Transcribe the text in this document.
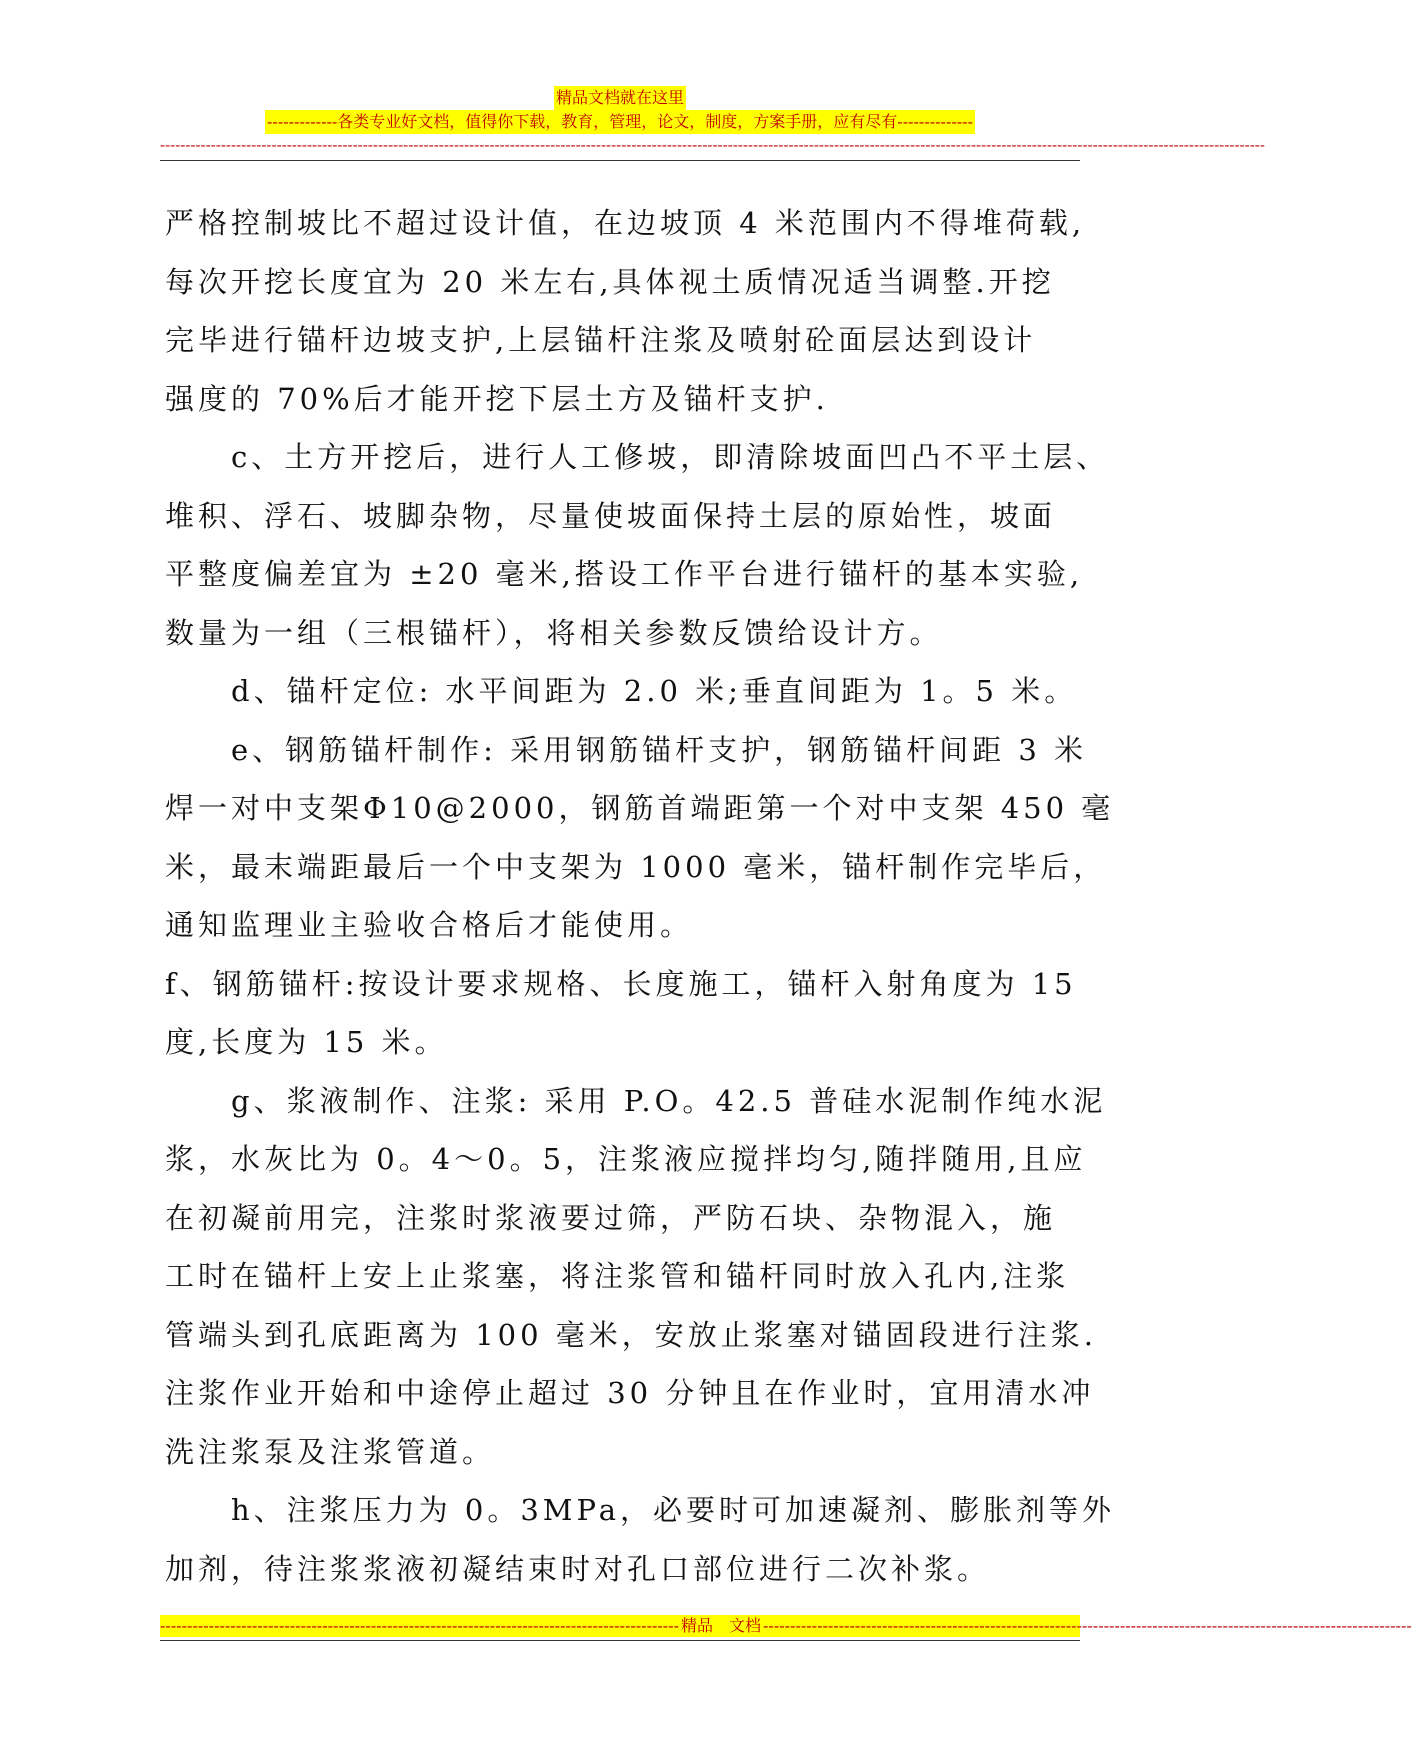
精品文档就在这里
-------------各类专业好文档，值得你下载，教育，管理，论文，制度，方案手册，应有尽有--------------
--------------------------------------------------------------------------------------------------------------------------------------------------------------------------------------------------------------------------

严格控制坡比不超过设计值，在边坡顶 4 米范围内不得堆荷载,

每次开挖长度宜为 20 米左右,具体视土质情况适当调整.开挖

完毕进行锚杆边坡支护,上层锚杆注浆及喷射砼面层达到设计

强度的 70%后才能开挖下层土方及锚杆支护.

c、土方开挖后，进行人工修坡，即清除坡面凹凸不平土层、

堆积、浮石、坡脚杂物，尽量使坡面保持土层的原始性，坡面

平整度偏差宜为 ±20 毫米,搭设工作平台进行锚杆的基本实验,

数量为一组（三根锚杆），将相关参数反馈给设计方。

d、锚杆定位: 水平间距为 2.0 米;垂直间距为 1。5 米。

e、钢筋锚杆制作: 采用钢筋锚杆支护，钢筋锚杆间距 3 米

焊一对中支架Φ10@2000，钢筋首端距第一个对中支架 450 毫

米，最末端距最后一个中支架为 1000 毫米，锚杆制作完毕后，

通知监理业主验收合格后才能使用。

f、钢筋锚杆:按设计要求规格、长度施工，锚杆入射角度为 15

度,长度为 15 米。

g、浆液制作、注浆: 采用 P.O。42.5 普硅水泥制作纯水泥

浆，水灰比为 0。4～0。5，注浆液应搅拌均匀,随拌随用,且应

在初凝前用完，注浆时浆液要过筛，严防石块、杂物混入，施

工时在锚杆上安上止浆塞，将注浆管和锚杆同时放入孔内,注浆

管端头到孔底距离为 100 毫米，安放止浆塞对锚固段进行注浆.

注浆作业开始和中途停止超过 30 分钟且在作业时，宜用清水冲

洗注浆泵及注浆管道。

h、注浆压力为 0。3MPa，必要时可加速凝剂、膨胀剂等外

加剂，待注浆浆液初凝结束时对孔口部位进行二次补浆。

------------------------------------------------------------------------------------------------ 精品　文档 ------------------------------------------------------------------------------------------------------------------------
